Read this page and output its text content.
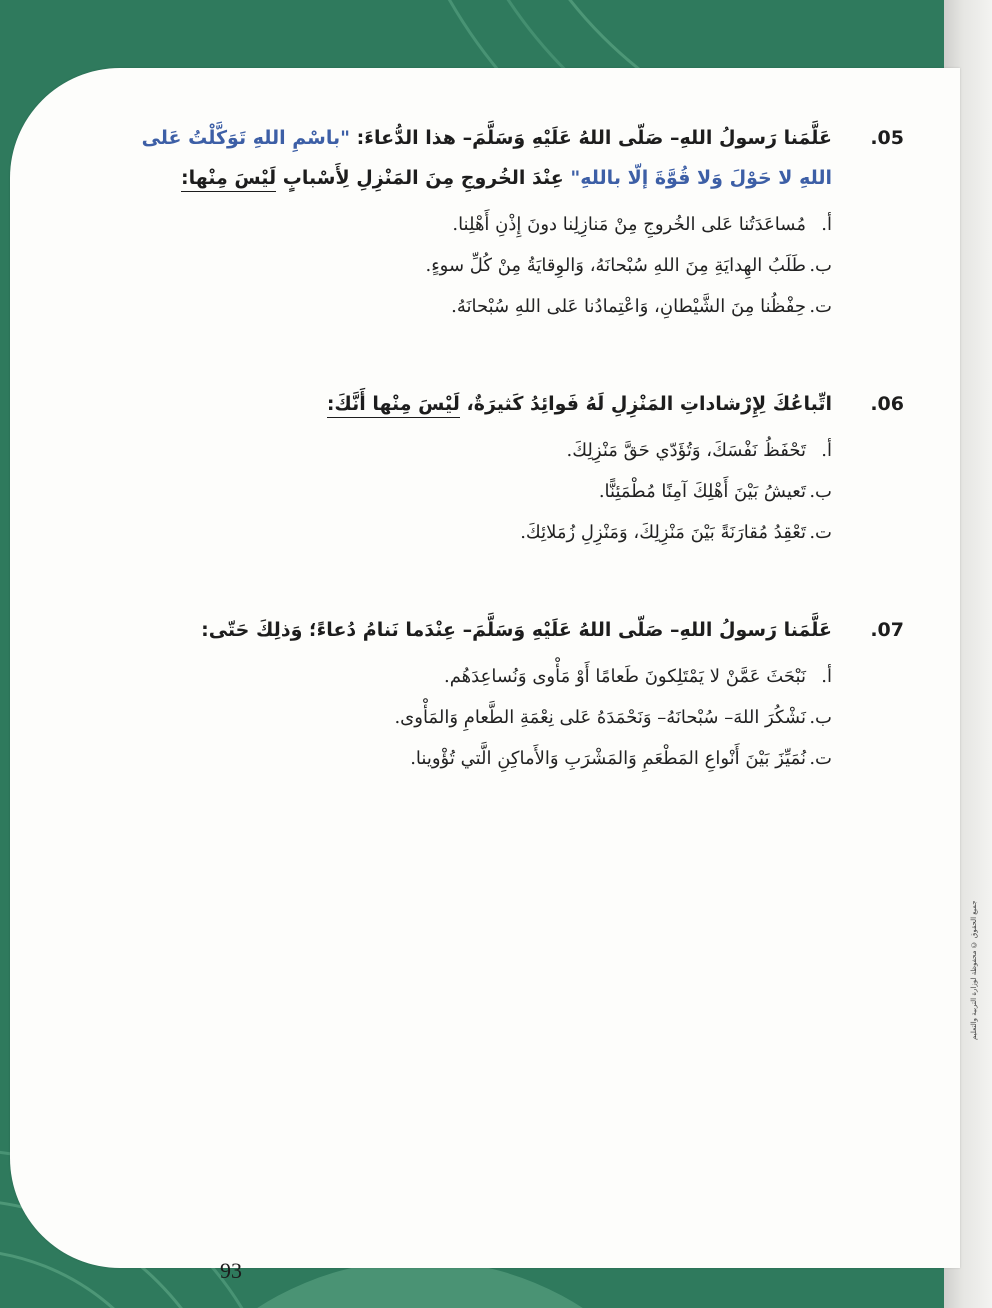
جميع الحقوق © محفوظة لوزارة التربية والتعليم
.05
عَلَّمَنا رَسولُ اللهِ– صَلّى اللهُ عَلَيْهِ وَسَلَّمَ– هذا الدُّعاءَ: "باسْمِ اللهِ تَوَكَّلْتُ عَلى اللهِ لا حَوْلَ وَلا قُوَّةَ إلّا باللهِ" عِنْدَ الخُروجِ مِنَ المَنْزِلِ لِأَسْبابٍ لَيْسَ مِنْها:
أ.
مُساعَدَتُنا عَلى الخُروجِ مِنْ مَنازِلِنا دونَ إِذْنِ أَهْلِنا.
ب.
طَلَبُ الهِدايَةِ مِنَ اللهِ سُبْحانَهُ، وَالوِقايَةُ مِنْ كُلِّ سوءٍ.
ت.
حِفْظُنا مِنَ الشَّيْطانِ، وَاعْتِمادُنا عَلى اللهِ سُبْحانَهُ.
.06
اتِّباعُكَ لِإِرْشاداتِ المَنْزِلِ لَهُ فَوائِدُ كَثيرَةٌ، لَيْسَ مِنْها أَنَّكَ:
أ.
تَحْفَظُ نَفْسَكَ، وَتُؤَدّي حَقَّ مَنْزِلِكَ.
ب.
تَعيشُ بَيْنَ أَهْلِكَ آمِنًا مُطْمَئِنًّا.
ت.
تَعْقِدُ مُقارَنَةً بَيْنَ مَنْزِلِكَ، وَمَنْزِلِ زُمَلائِكَ.
.07
عَلَّمَنا رَسولُ اللهِ– صَلّى اللهُ عَلَيْهِ وَسَلَّمَ– عِنْدَما نَنامُ دُعاءً؛ وَذلِكَ حَتّى:
أ.
نَبْحَثَ عَمَّنْ لا يَمْتَلِكونَ طَعامًا أَوْ مَأْوى وَنُساعِدَهُم.
ب.
نَشْكُرَ اللهَ– سُبْحانَهُ– وَنَحْمَدَهُ عَلى نِعْمَةِ الطَّعامِ وَالمَأْوى.
ت.
نُمَيِّزَ بَيْنَ أَنْواعِ المَطْعَمِ وَالمَشْرَبِ وَالأَماكِنِ الَّتي تُؤْوينا.
93
